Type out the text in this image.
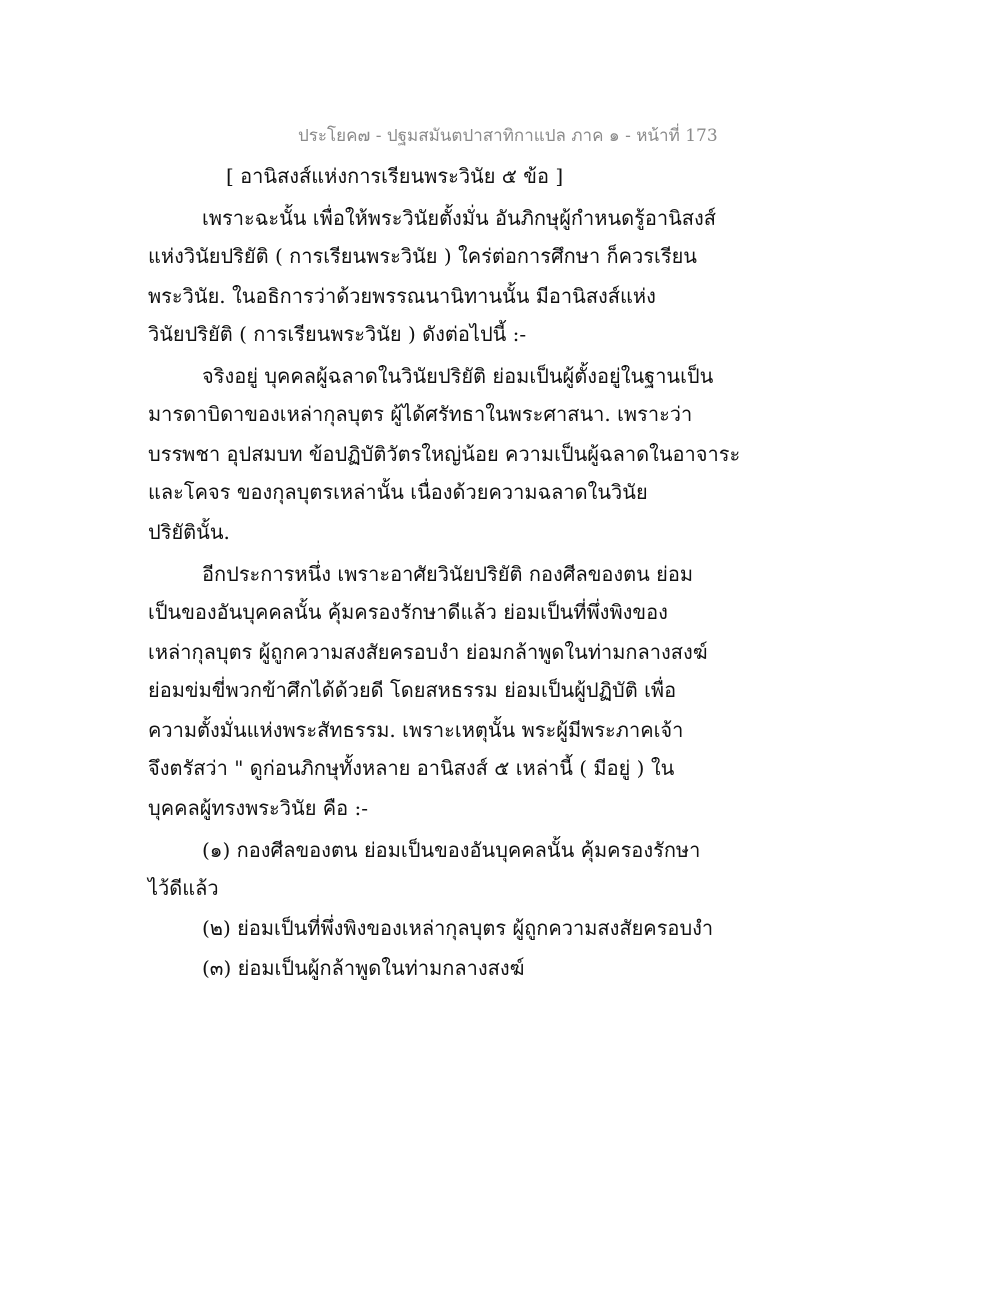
ประโยค๗ - ปฐมสมันตปาสาทิกาแปล ภาค ๑ - หน้าที่ 173
[ อานิสงส์แห่งการเรียนพระวินัย ๕ ข้อ ]
เพราะฉะนั้น เพื่อให้พระวินัยตั้งมั่น อันภิกษุผู้กำหนดรู้อานิสงส์
แห่งวินัยปริยัติ ( การเรียนพระวินัย ) ใคร่ต่อการศึกษา ก็ควรเรียน
พระวินัย. ในอธิการว่าด้วยพรรณนานิทานนั้น มีอานิสงส์แห่ง
วินัยปริยัติ ( การเรียนพระวินัย ) ดังต่อไปนี้ :-
จริงอยู่ บุคคลผู้ฉลาดในวินัยปริยัติ ย่อมเป็นผู้ตั้งอยู่ในฐานเป็น
มารดาบิดาของเหล่ากุลบุตร ผู้ได้ศรัทธาในพระศาสนา. เพราะว่า
บรรพชา อุปสมบท ข้อปฏิบัติวัตรใหญ่น้อย ความเป็นผู้ฉลาดในอาจาระ
และโคจร ของกุลบุตรเหล่านั้น เนื่องด้วยความฉลาดในวินัย
ปริยัตินั้น.
อีกประการหนึ่ง เพราะอาศัยวินัยปริยัติ กองศีลของตน ย่อม
เป็นของอันบุคคลนั้น คุ้มครองรักษาดีแล้ว ย่อมเป็นที่พึ่งพิงของ
เหล่ากุลบุตร ผู้ถูกความสงสัยครอบงำ ย่อมกล้าพูดในท่ามกลางสงฆ์
ย่อมข่มขี่พวกข้าศึกได้ด้วยดี โดยสหธรรม ย่อมเป็นผู้ปฏิบัติ เพื่อ
ความตั้งมั่นแห่งพระสัทธรรม. เพราะเหตุนั้น พระผู้มีพระภาคเจ้า
จึงตรัสว่า " ดูก่อนภิกษุทั้งหลาย อานิสงส์ ๕ เหล่านี้ ( มีอยู่ ) ใน
บุคคลผู้ทรงพระวินัย คือ :-
(๑) กองศีลของตน ย่อมเป็นของอันบุคคลนั้น คุ้มครองรักษา
ไว้ดีแล้ว
(๒) ย่อมเป็นที่พึ่งพิงของเหล่ากุลบุตร ผู้ถูกความสงสัยครอบงำ
(๓) ย่อมเป็นผู้กล้าพูดในท่ามกลางสงฆ์
